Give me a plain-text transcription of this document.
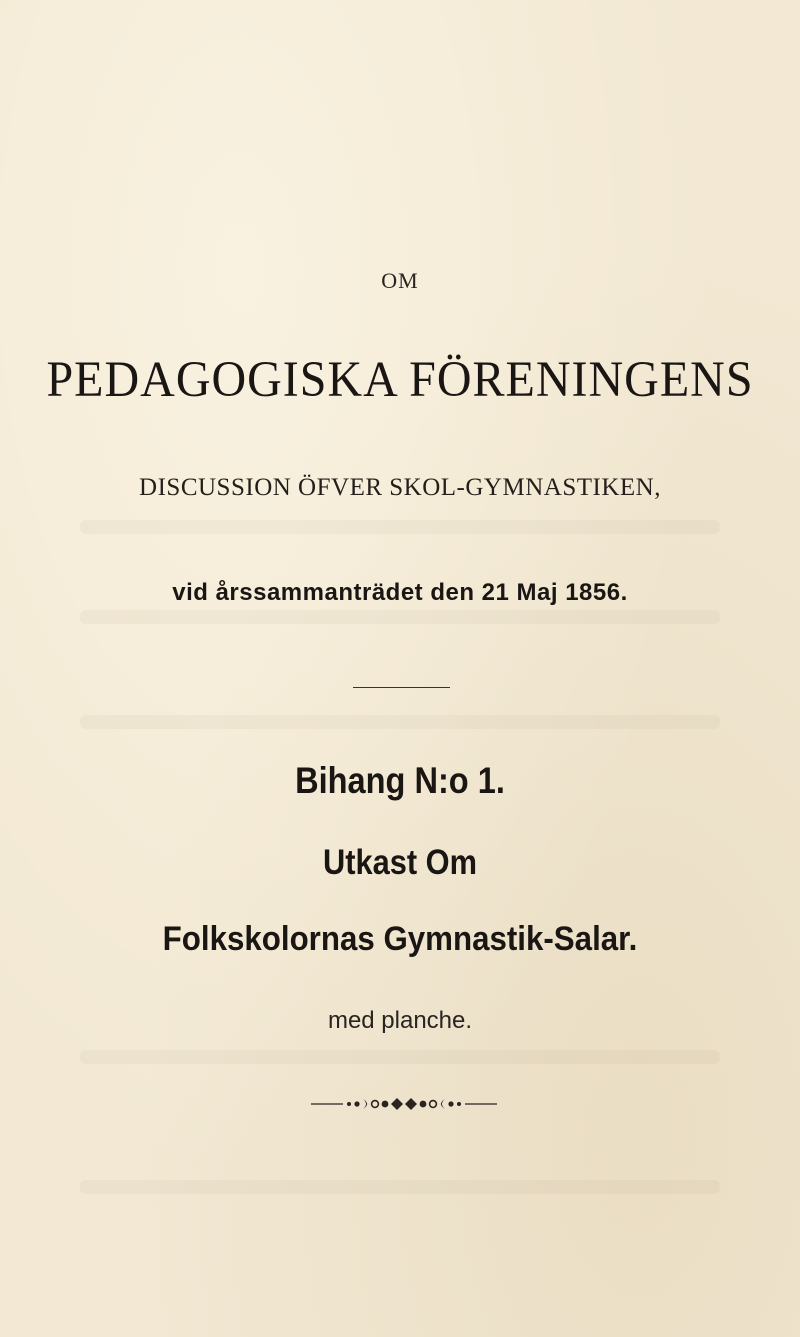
OM
PEDAGOGISKA FÖRENINGENS
DISCUSSION ÖFVER SKOL-GYMNASTIKEN,
vid årssammanträdet den 21 Maj 1856.
Bihang N:o 1.
Utkast Om
Folkskolornas Gymnastik-Salar.
med planche.
